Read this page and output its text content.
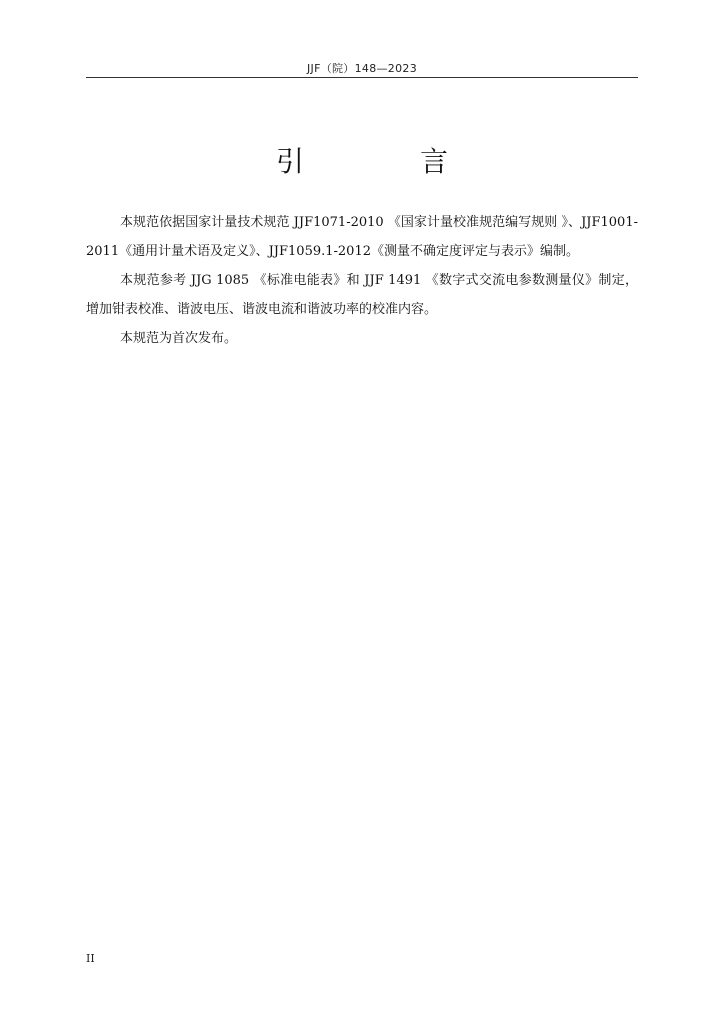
JJF（院）148—2023
引　言

本规范依据国家计量技术规范 JJF1071-2010 《国家计量校准规范编写规则 》、JJF1001-2011《通用计量术语及定义》、JJF1059.1-2012《测量不确定度评定与表示》编制。

本规范参考 JJG 1085 《标准电能表》和 JJF 1491 《数字式交流电参数测量仪》制定，增加钳表校准、谐波电压、谐波电流和谐波功率的校准内容。

本规范为首次发布。

II
